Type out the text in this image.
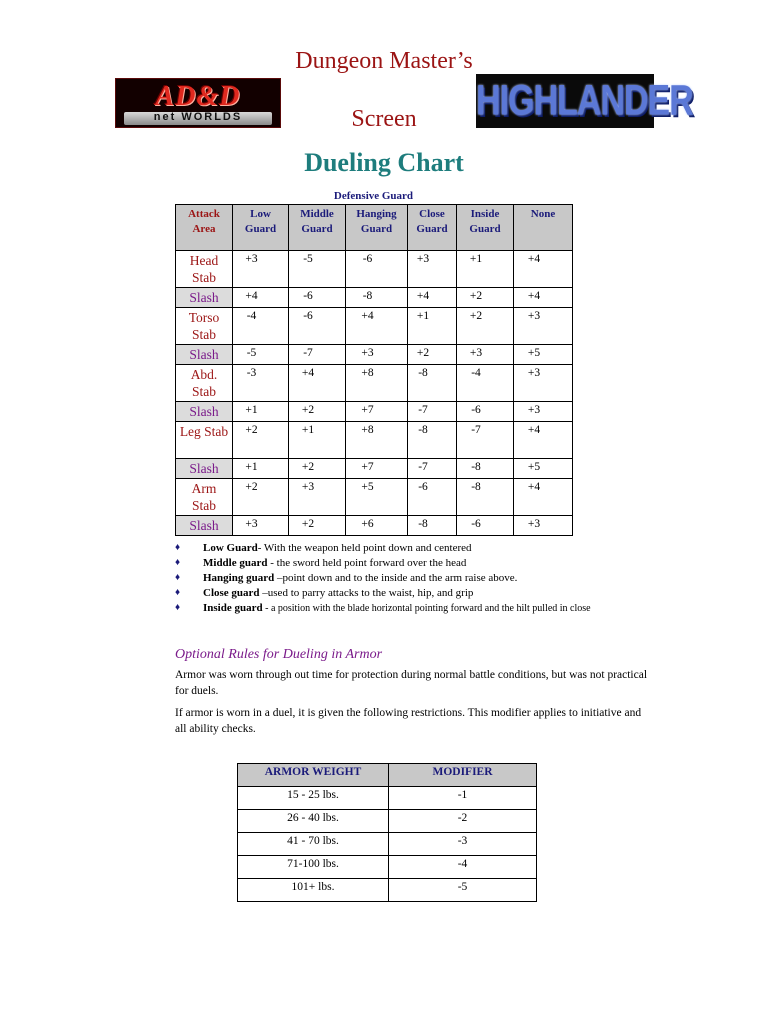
Dungeon Master’s
Screen
AD&D
net WORLDS	HIGHLANDER
Dueling Chart
Defensive Guard
Attack Area	Low Guard	Middle Guard	Hanging Guard	Close Guard	Inside Guard	None
Head Stab	+3	-5	-6	+3	+1	+4
Slash	+4	-6	-8	+4	+2	+4
Torso Stab	-4	-6	+4	+1	+2	+3
Slash	-5	-7	+3	+2	+3	+5
Abd. Stab	-3	+4	+8	-8	-4	+3
Slash	+1	+2	+7	-7	-6	+3
Leg Stab	+2	+1	+8	-8	-7	+4
Slash	+1	+2	+7	-7	-8	+5
Arm Stab	+2	+3	+5	-6	-8	+4
Slash	+3	+2	+6	-8	-6	+3
♦ Low Guard- With the weapon held point down and centered
♦ Middle guard - the sword held point forward over the head
♦ Hanging guard –point down and to the inside and the arm raise above.
♦ Close guard –used to parry attacks to the waist, hip, and grip
♦ Inside guard - a position with the blade horizontal pointing forward and the hilt pulled in close
Optional Rules for Dueling in Armor
Armor was worn through out time for protection during normal battle conditions, but was not practical for duels.
If armor is worn in a duel, it is given the following restrictions. This modifier applies to initiative and all ability checks.
ARMOR WEIGHT	MODIFIER
15 - 25 lbs.	-1
26 - 40 lbs.	-2
41 - 70 lbs.	-3
71-100 lbs.	-4
101+ lbs.	-5
